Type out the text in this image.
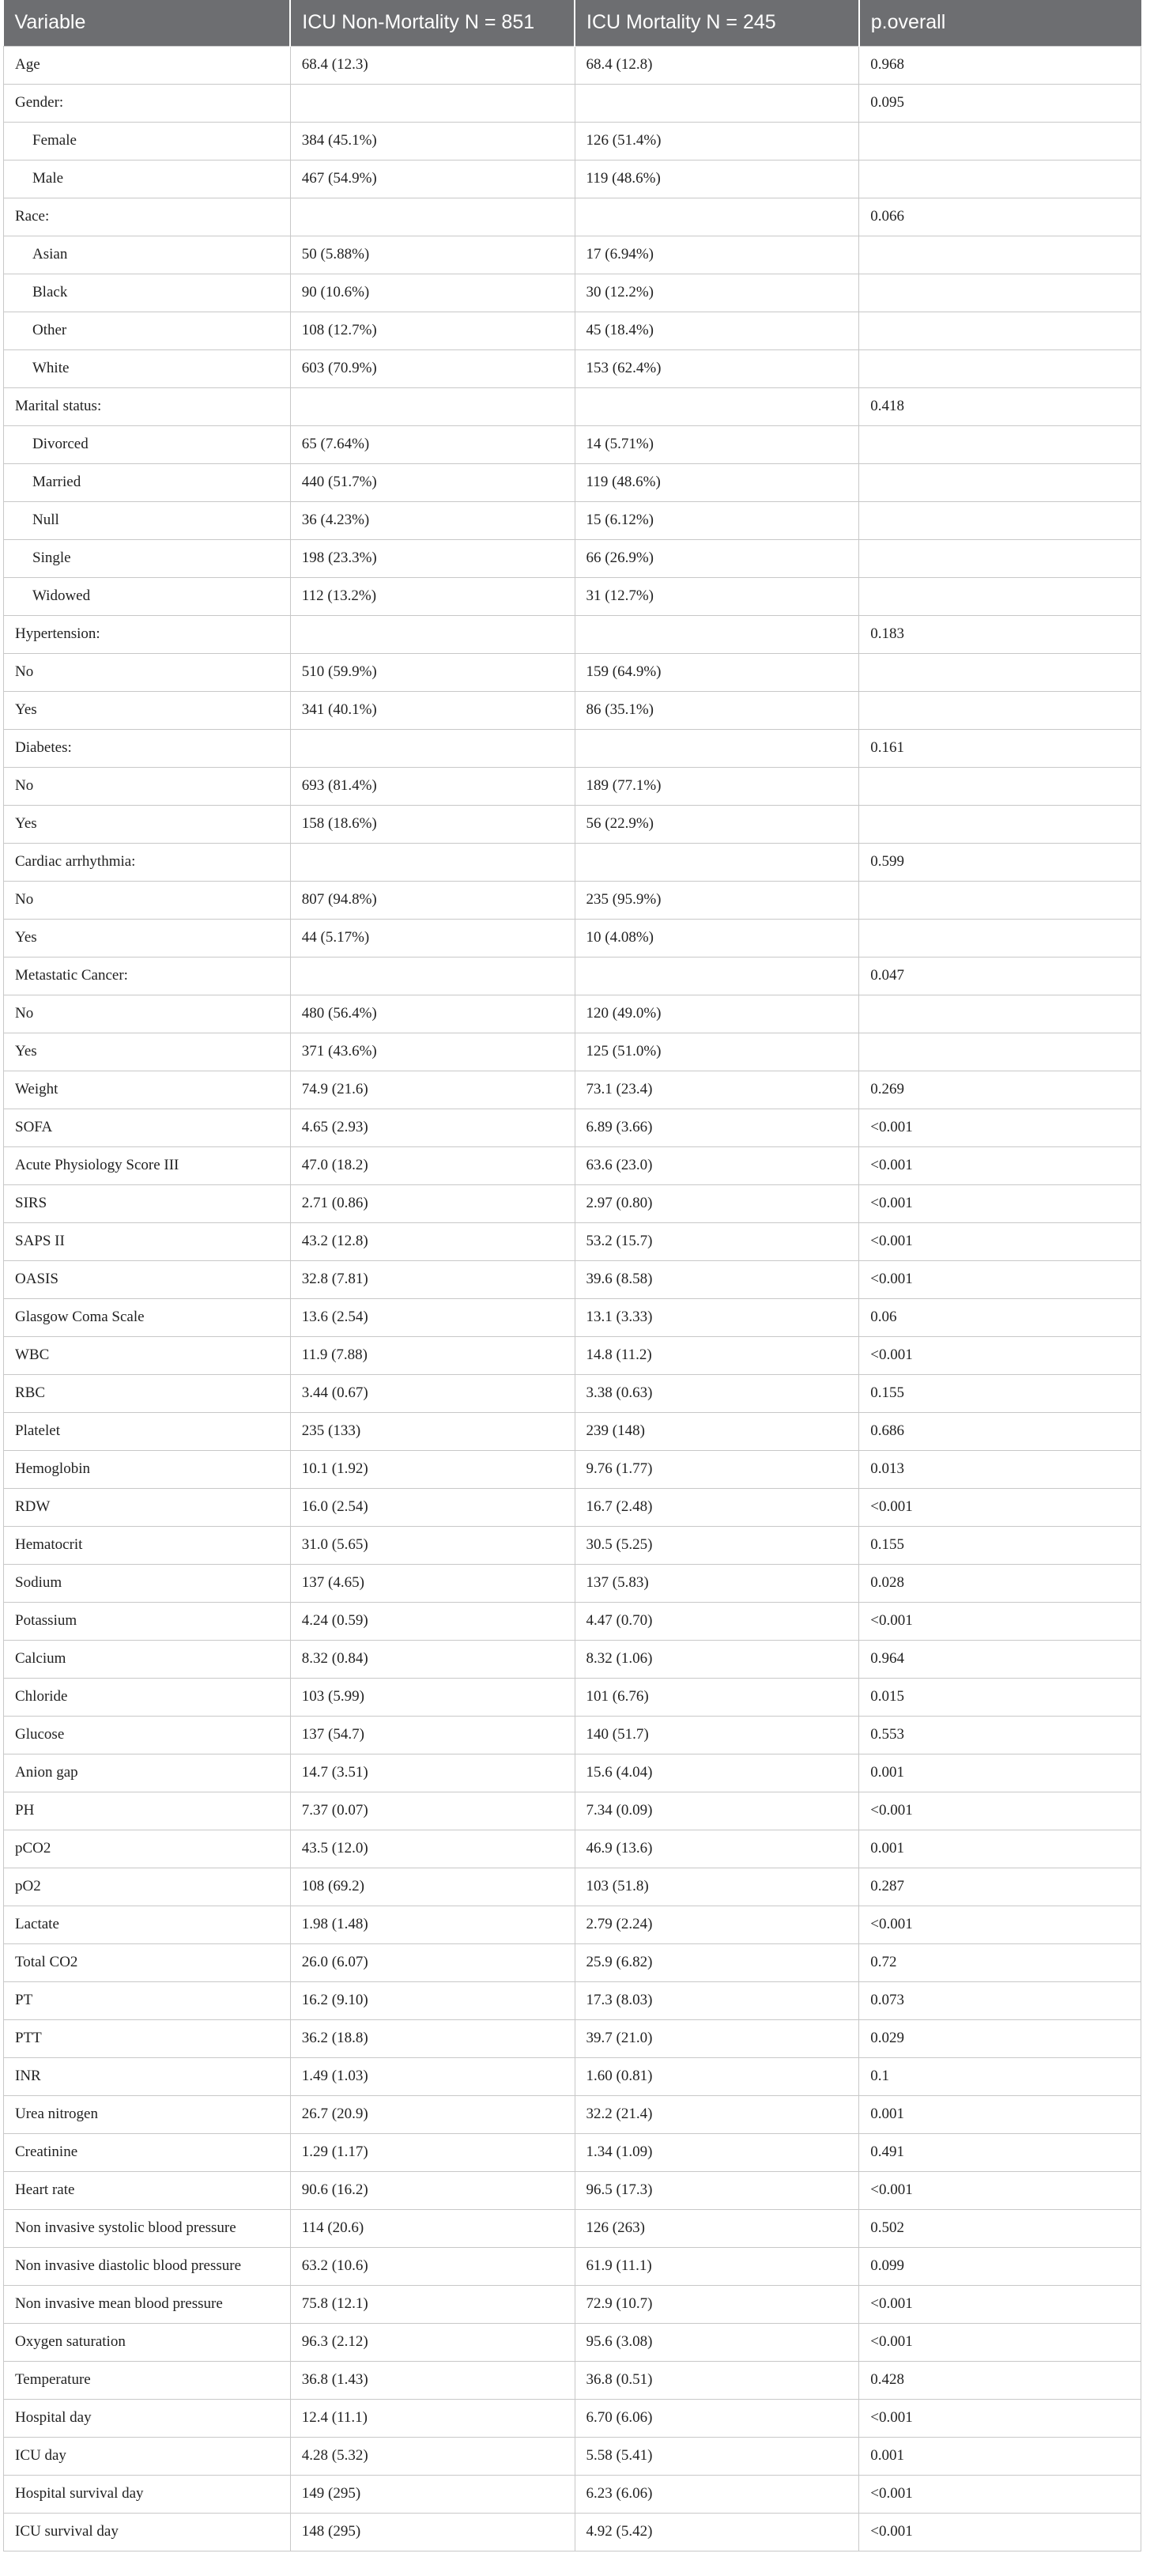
Variable	ICU Non-Mortality N = 851	ICU Mortality N = 245	p.overall
Age	68.4 (12.3)	68.4 (12.8)	0.968
Gender:			0.095
Female	384 (45.1%)	126 (51.4%)	
Male	467 (54.9%)	119 (48.6%)	
Race:			0.066
Asian	50 (5.88%)	17 (6.94%)	
Black	90 (10.6%)	30 (12.2%)	
Other	108 (12.7%)	45 (18.4%)	
White	603 (70.9%)	153 (62.4%)	
Marital status:			0.418
Divorced	65 (7.64%)	14 (5.71%)	
Married	440 (51.7%)	119 (48.6%)	
Null	36 (4.23%)	15 (6.12%)	
Single	198 (23.3%)	66 (26.9%)	
Widowed	112 (13.2%)	31 (12.7%)	
Hypertension:			0.183
No	510 (59.9%)	159 (64.9%)	
Yes	341 (40.1%)	86 (35.1%)	
Diabetes:			0.161
No	693 (81.4%)	189 (77.1%)	
Yes	158 (18.6%)	56 (22.9%)	
Cardiac arrhythmia:			0.599
No	807 (94.8%)	235 (95.9%)	
Yes	44 (5.17%)	10 (4.08%)	
Metastatic Cancer:			0.047
No	480 (56.4%)	120 (49.0%)	
Yes	371 (43.6%)	125 (51.0%)	
Weight	74.9 (21.6)	73.1 (23.4)	0.269
SOFA	4.65 (2.93)	6.89 (3.66)	<0.001
Acute Physiology Score III	47.0 (18.2)	63.6 (23.0)	<0.001
SIRS	2.71 (0.86)	2.97 (0.80)	<0.001
SAPS II	43.2 (12.8)	53.2 (15.7)	<0.001
OASIS	32.8 (7.81)	39.6 (8.58)	<0.001
Glasgow Coma Scale	13.6 (2.54)	13.1 (3.33)	0.06
WBC	11.9 (7.88)	14.8 (11.2)	<0.001
RBC	3.44 (0.67)	3.38 (0.63)	0.155
Platelet	235 (133)	239 (148)	0.686
Hemoglobin	10.1 (1.92)	9.76 (1.77)	0.013
RDW	16.0 (2.54)	16.7 (2.48)	<0.001
Hematocrit	31.0 (5.65)	30.5 (5.25)	0.155
Sodium	137 (4.65)	137 (5.83)	0.028
Potassium	4.24 (0.59)	4.47 (0.70)	<0.001
Calcium	8.32 (0.84)	8.32 (1.06)	0.964
Chloride	103 (5.99)	101 (6.76)	0.015
Glucose	137 (54.7)	140 (51.7)	0.553
Anion gap	14.7 (3.51)	15.6 (4.04)	0.001
PH	7.37 (0.07)	7.34 (0.09)	<0.001
pCO2	43.5 (12.0)	46.9 (13.6)	0.001
pO2	108 (69.2)	103 (51.8)	0.287
Lactate	1.98 (1.48)	2.79 (2.24)	<0.001
Total CO2	26.0 (6.07)	25.9 (6.82)	0.72
PT	16.2 (9.10)	17.3 (8.03)	0.073
PTT	36.2 (18.8)	39.7 (21.0)	0.029
INR	1.49 (1.03)	1.60 (0.81)	0.1
Urea nitrogen	26.7 (20.9)	32.2 (21.4)	0.001
Creatinine	1.29 (1.17)	1.34 (1.09)	0.491
Heart rate	90.6 (16.2)	96.5 (17.3)	<0.001
Non invasive systolic blood pressure	114 (20.6)	126 (263)	0.502
Non invasive diastolic blood pressure	63.2 (10.6)	61.9 (11.1)	0.099
Non invasive mean blood pressure	75.8 (12.1)	72.9 (10.7)	<0.001
Oxygen saturation	96.3 (2.12)	95.6 (3.08)	<0.001
Temperature	36.8 (1.43)	36.8 (0.51)	0.428
Hospital day	12.4 (11.1)	6.70 (6.06)	<0.001
ICU day	4.28 (5.32)	5.58 (5.41)	0.001
Hospital survival day	149 (295)	6.23 (6.06)	<0.001
ICU survival day	148 (295)	4.92 (5.42)	<0.001
